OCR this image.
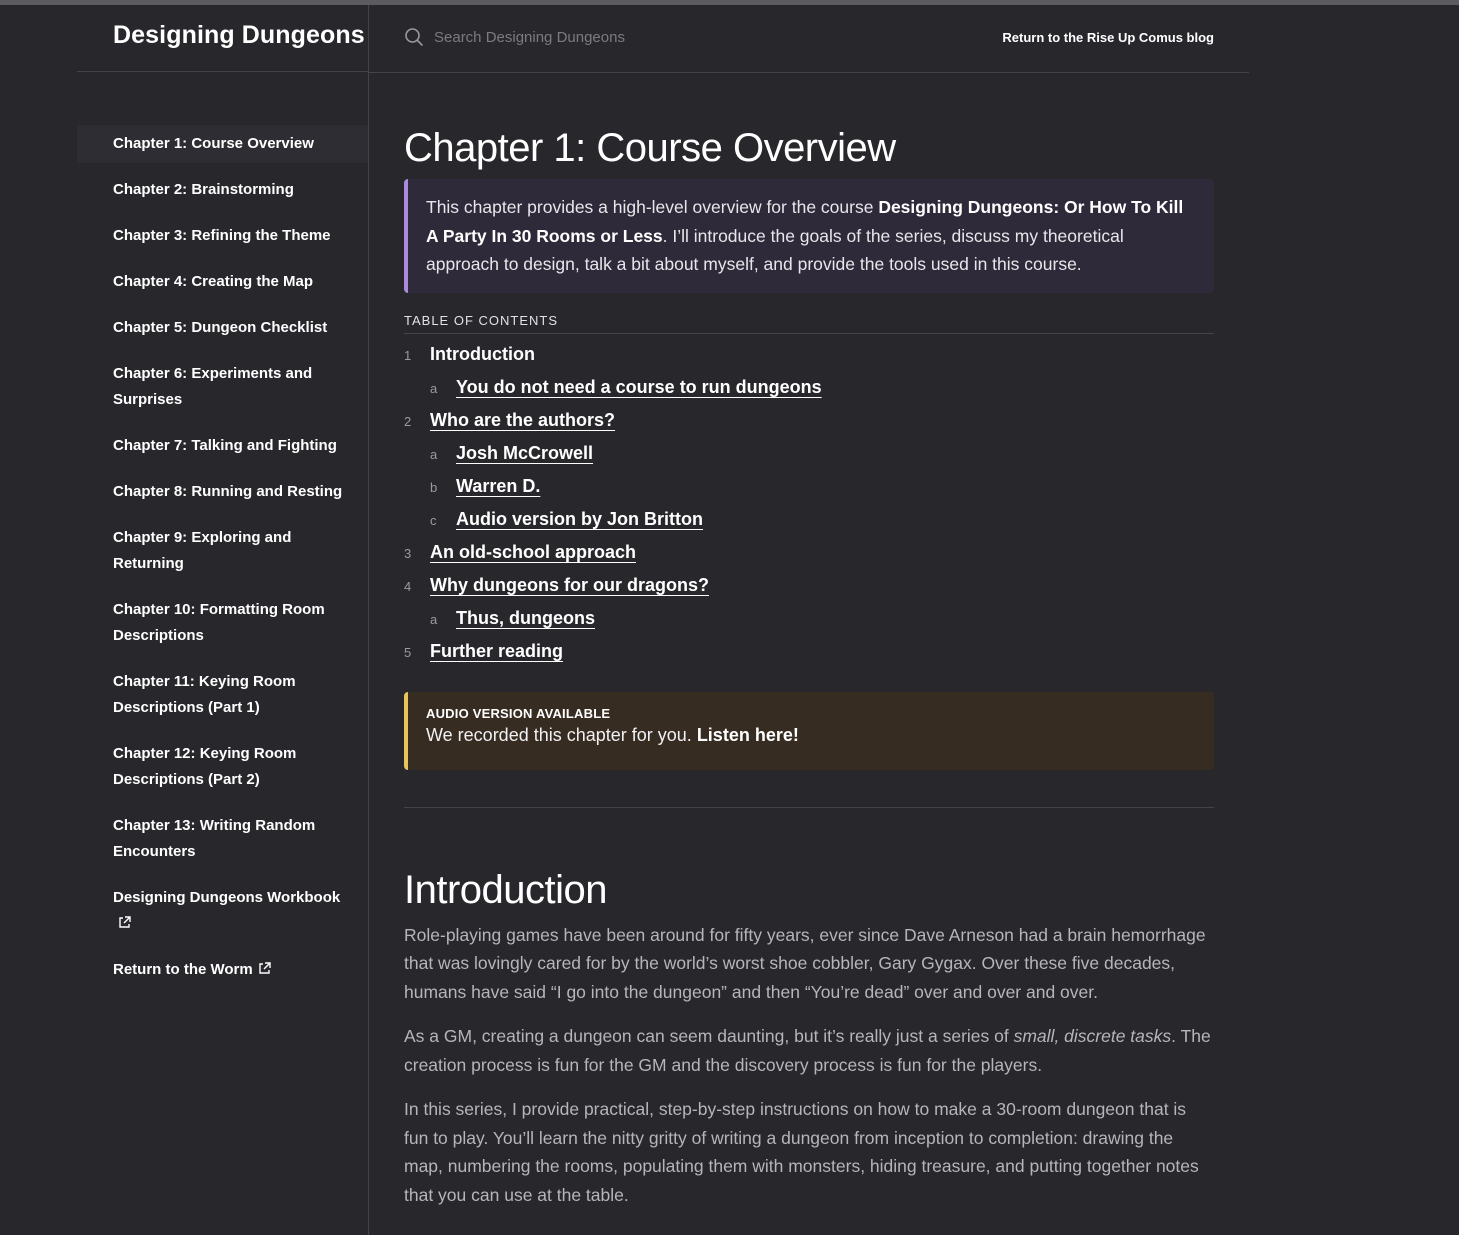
Designing Dungeons
Chapter 1: Course Overview
Chapter 2: Brainstorming
Chapter 3: Refining the Theme
Chapter 4: Creating the Map
Chapter 5: Dungeon Checklist
Chapter 6: Experiments and Surprises
Chapter 7: Talking and Fighting
Chapter 8: Running and Resting
Chapter 9: Exploring and Returning
Chapter 10: Formatting Room Descriptions
Chapter 11: Keying Room Descriptions (Part 1)
Chapter 12: Keying Room Descriptions (Part 2)
Chapter 13: Writing Random Encounters
Designing Dungeons Workbook
Return to the Worm
Search Designing Dungeons
Return to the Rise Up Comus blog
Chapter 1: Course Overview
This chapter provides a high-level overview for the course Designing Dungeons: Or How To Kill A Party In 30 Rooms or Less. I’ll introduce the goals of the series, discuss my theoretical approach to design, talk a bit about myself, and provide the tools used in this course.
TABLE OF CONTENTS
1	Introduction
a	You do not need a course to run dungeons
2	Who are the authors?
a	Josh McCrowell
b	Warren D.
c	Audio version by Jon Britton
3	An old-school approach
4	Why dungeons for our dragons?
a	Thus, dungeons
5	Further reading
AUDIO VERSION AVAILABLE
We recorded this chapter for you. Listen here!
Introduction

Role-playing games have been around for fifty years, ever since Dave Arneson had a brain hemorrhage that was lovingly cared for by the world’s worst shoe cobbler, Gary Gygax. Over these five decades, humans have said “I go into the dungeon” and then “You’re dead” over and over and over.

As a GM, creating a dungeon can seem daunting, but it’s really just a series of small, discrete tasks. The creation process is fun for the GM and the discovery process is fun for the players.

In this series, I provide practical, step-by-step instructions on how to make a 30-room dungeon that is fun to play. You’ll learn the nitty gritty of writing a dungeon from inception to completion: drawing the map, numbering the rooms, populating them with monsters, hiding treasure, and putting together notes that you can use at the table.
